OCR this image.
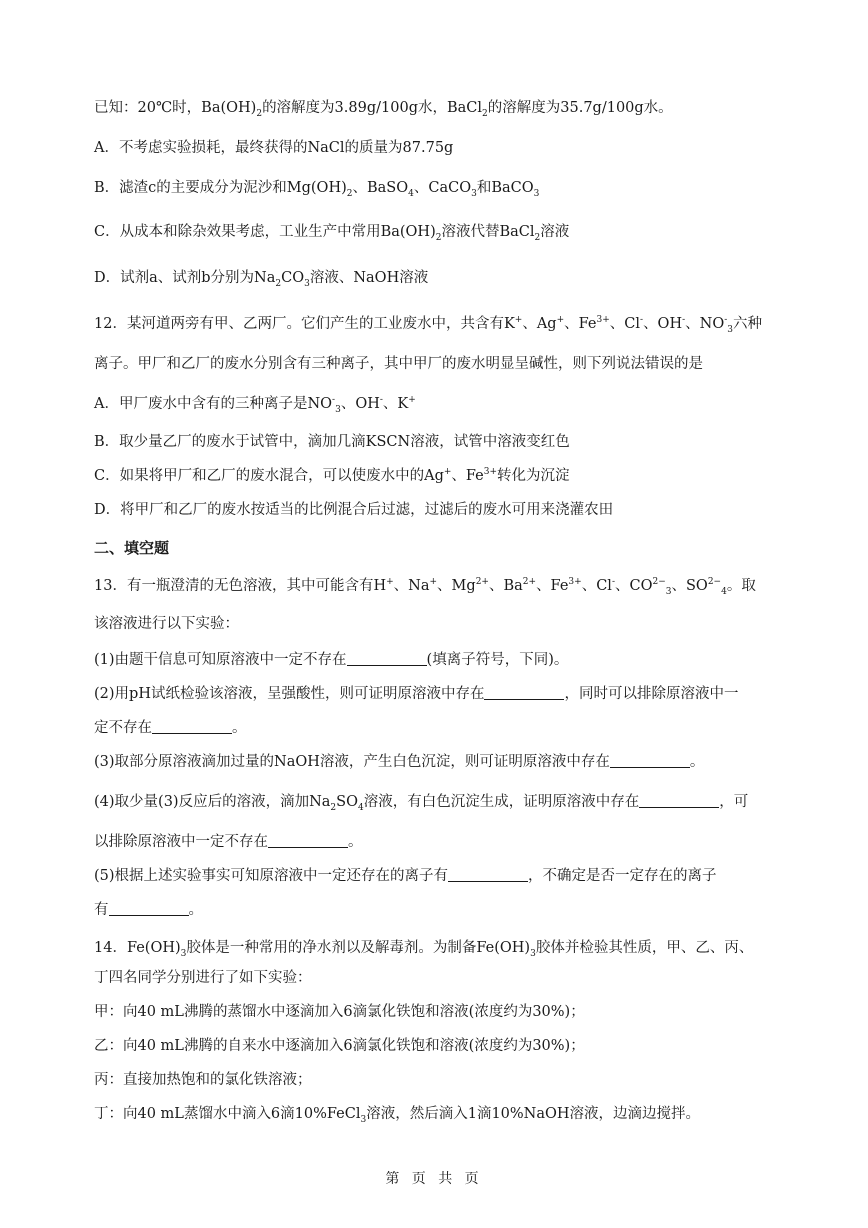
已知：20℃时，$Ba(OH)_2$的溶解度为3.89g/100g水，BaCl$_2$的溶解度为35.7g/100g水。
A．不考虑实验损耗，最终获得的NaCl的质量为87.75g
B．滤渣c的主要成分为泥沙和$Mg(OH)_2$、BaSO$_4$、CaCO$_3$和BaCO$_3$
C．从成本和除杂效果考虑，工业生产中常用$Ba(OH)_2$溶液代替BaCl$_2$溶液
D．试剂a、试剂b分别为$Na_2CO_3$溶液、NaOH溶液
12．某河道两旁有甲、乙两厂。它们产生的工业废水中，共含有K+、Ag+、$Fe^{3+}$、Cl-、OH-、$NO^-_3$六种
离子。甲厂和乙厂的废水分别含有三种离子，其中甲厂的废水明显呈碱性，则下列说法错误的是
A．甲厂废水中含有的三种离子是$NO^-_3$、OH-、K+
B．取少量乙厂的废水于试管中，滴加几滴KSCN溶液，试管中溶液变红色
C．如果将甲厂和乙厂的废水混合，可以使废水中的Ag+、$Fe^{3+}$转化为沉淀
D．将甲厂和乙厂的废水按适当的比例混合后过滤，过滤后的废水可用来浇灌农田
二、填空题
13．有一瓶澄清的无色溶液，其中可能含有H+、Na+、$Mg^{2+}$、$Ba^{2+}$、$Fe^{3+}$、Cl-、$CO^{2-}_3$、$SO^{2-}_4$。取
该溶液进行以下实验：
(1)由题干信息可知原溶液中一定不存在	(填离子符号，下同)。
(2)用pH试纸检验该溶液，呈强酸性，则可证明原溶液中存在	，同时可以排除原溶液中一
定不存在	。
(3)取部分原溶液滴加过量的NaOH溶液，产生白色沉淀，则可证明原溶液中存在	。
(4)取少量(3)反应后的溶液，滴加$Na_2SO_4$溶液，有白色沉淀生成，证明原溶液中存在	，可
以排除原溶液中一定不存在	。
(5)根据上述实验事实可知原溶液中一定还存在的离子有	，不确定是否一定存在的离子
有	。
14．$Fe(OH)_3$胶体是一种常用的净水剂以及解毒剂。为制备$Fe(OH)_3$胶体并检验其性质，甲、乙、丙、
丁四名同学分别进行了如下实验：
甲：向40 mL沸腾的蒸馏水中逐滴加入6滴氯化铁饱和溶液(浓度约为30%)；
乙：向40 mL沸腾的自来水中逐滴加入6滴氯化铁饱和溶液(浓度约为30%)；
丙：直接加热饱和的氯化铁溶液；
丁：向40 mL蒸馏水中滴入6滴10%FeCl$_3$溶液，然后滴入1滴10%NaOH溶液，边滴边搅拌。
第 页 共 页
